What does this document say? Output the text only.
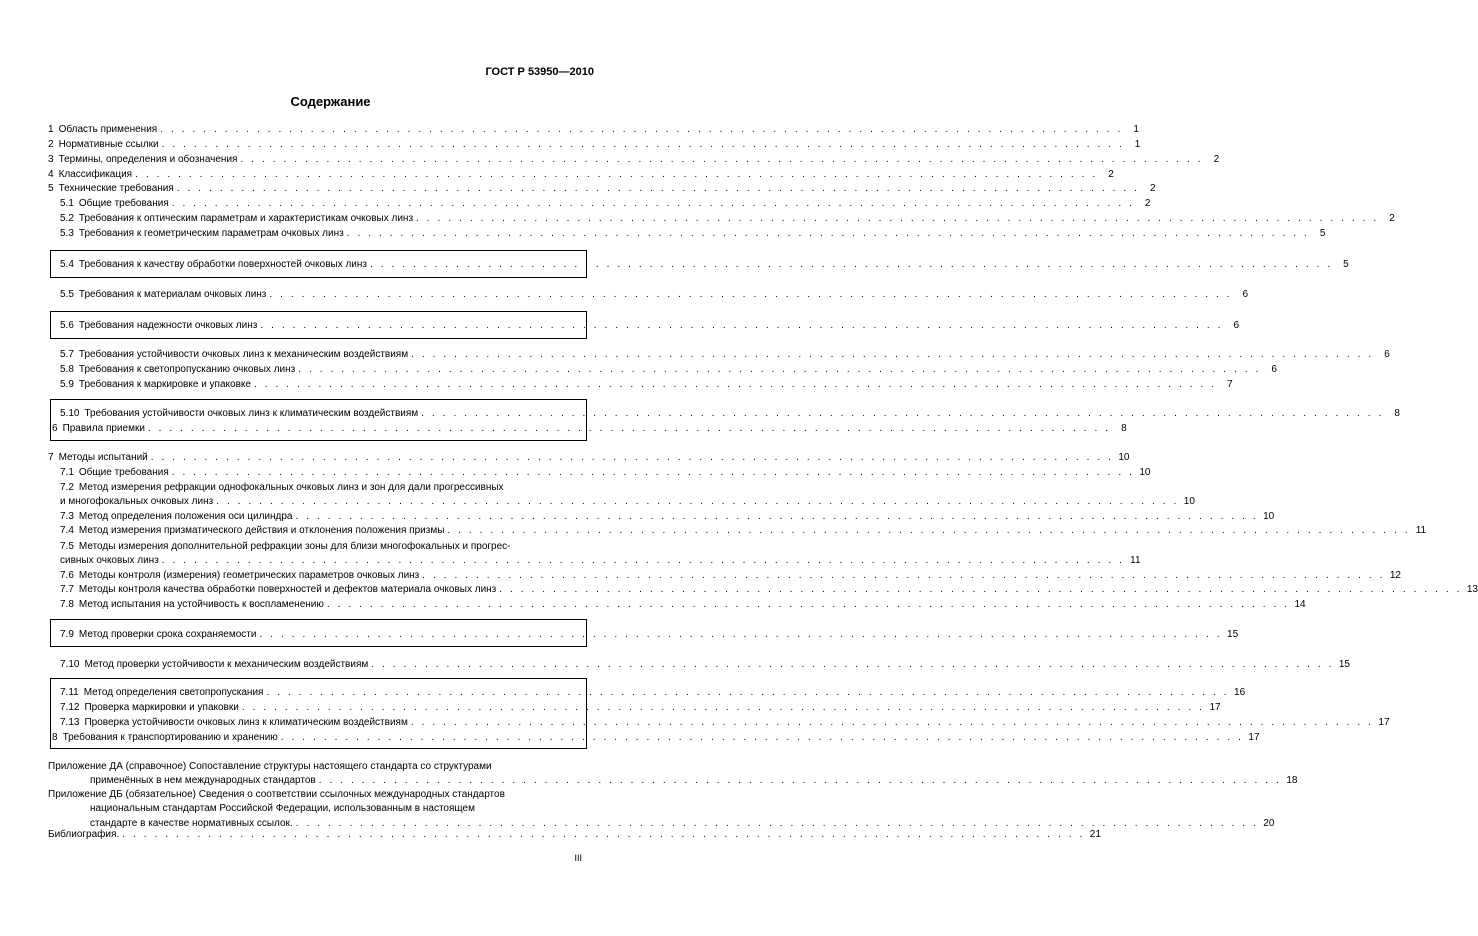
ГОСТ Р 53950—2010
Содержание
1 Область применения . . . . . . . . . . . . . . . . . . . . . . . . . . . . . . . . . . . . . . . . . . . . . . . . . . . . . . . . . . . . . . . . . . . . . . . . . . . . . . . . . . . . . . . . . .	1
2 Нормативные ссылки . . . . . . . . . . . . . . . . . . . . . . . . . . . . . . . . . . . . . . . . . . . . . . . . . . . . . . . . . . . . . . . . . . . . . . . . . . . . . . . . . . . . . . . . . .	1
3 Термины, определения и обозначения . . . . . . . . . . . . . . . . . . . . . . . . . . . . . . . . . . . . . . . . . . . . . . . . . . . . . . . . . . . . . . . . . . . . . . . . . . . . . . . . . . . . . . . . . .	2
4 Классификация . . . . . . . . . . . . . . . . . . . . . . . . . . . . . . . . . . . . . . . . . . . . . . . . . . . . . . . . . . . . . . . . . . . . . . . . . . . . . . . . . . . . . . . . . .	2
5 Технические требования . . . . . . . . . . . . . . . . . . . . . . . . . . . . . . . . . . . . . . . . . . . . . . . . . . . . . . . . . . . . . . . . . . . . . . . . . . . . . . . . . . . . . . . . . .	2
5.1 Общие требования . . . . . . . . . . . . . . . . . . . . . . . . . . . . . . . . . . . . . . . . . . . . . . . . . . . . . . . . . . . . . . . . . . . . . . . . . . . . . . . . . . . . . . . . . .	2
5.2 Требования к оптическим параметрам и характеристикам очковых линз . . . . . . . . . . . . . . . . . . . . . . . . . . . . . . . . . . . . . . . . . . . . . . . . . . . . . . . . . . . . . . . . . . . . . . . . . . . . . . . . . . . . . . . . . .	2
5.3 Требования к геометрическим параметрам очковых линз . . . . . . . . . . . . . . . . . . . . . . . . . . . . . . . . . . . . . . . . . . . . . . . . . . . . . . . . . . . . . . . . . . . . . . . . . . . . . . . . . . . . . . . . . .	5
5.4 Требования к качеству обработки поверхностей очковых линз . . . . . . . . . . . . . . . . . . . . . . . . . . . . . . . . . . . . . . . . . . . . . . . . . . . . . . . . . . . . . . . . . . . . . . . . . . . . . . . . . . . . . . . . . .	5
5.5 Требования к материалам очковых линз . . . . . . . . . . . . . . . . . . . . . . . . . . . . . . . . . . . . . . . . . . . . . . . . . . . . . . . . . . . . . . . . . . . . . . . . . . . . . . . . . . . . . . . . . .	6
5.6 Требования надежности очковых линз . . . . . . . . . . . . . . . . . . . . . . . . . . . . . . . . . . . . . . . . . . . . . . . . . . . . . . . . . . . . . . . . . . . . . . . . . . . . . . . . . . . . . . . . . .	6
5.7 Требования устойчивости очковых линз к механическим воздействиям . . . . . . . . . . . . . . . . . . . . . . . . . . . . . . . . . . . . . . . . . . . . . . . . . . . . . . . . . . . . . . . . . . . . . . . . . . . . . . . . . . . . . . . . . .	6
5.8 Требования к светопропусканию очковых линз . . . . . . . . . . . . . . . . . . . . . . . . . . . . . . . . . . . . . . . . . . . . . . . . . . . . . . . . . . . . . . . . . . . . . . . . . . . . . . . . . . . . . . . . . .	6
5.9 Требования к маркировке и упаковке . . . . . . . . . . . . . . . . . . . . . . . . . . . . . . . . . . . . . . . . . . . . . . . . . . . . . . . . . . . . . . . . . . . . . . . . . . . . . . . . . . . . . . . . . .	7
5.10 Требования устойчивости очковых линз к климатическим воздействиям . . . . . . . . . . . . . . . . . . . . . . . . . . . . . . . . . . . . . . . . . . . . . . . . . . . . . . . . . . . . . . . . . . . . . . . . . . . . . . . . . . . . . . . . . .	8
6 Правила приемки . . . . . . . . . . . . . . . . . . . . . . . . . . . . . . . . . . . . . . . . . . . . . . . . . . . . . . . . . . . . . . . . . . . . . . . . . . . . . . . . . . . . . . . . . .	8
7 Методы испытаний . . . . . . . . . . . . . . . . . . . . . . . . . . . . . . . . . . . . . . . . . . . . . . . . . . . . . . . . . . . . . . . . . . . . . . . . . . . . . . . . . . . . . . . . . . 10
7.1 Общие требования . . . . . . . . . . . . . . . . . . . . . . . . . . . . . . . . . . . . . . . . . . . . . . . . . . . . . . . . . . . . . . . . . . . . . . . . . . . . . . . . . . . . . . . . . . 10
7.2 Метод измерения рефракции однофокальных очковых линз и зон для дали прогрессивных
и многофокальных очковых линз . . . . . . . . . . . . . . . . . . . . . . . . . . . . . . . . . . . . . . . . . . . . . . . . . . . . . . . . . . . . . . . . . . . . . . . . . . . . . . . . . . . . . . . . . . 10
7.3 Метод определения положения оси цилиндра . . . . . . . . . . . . . . . . . . . . . . . . . . . . . . . . . . . . . . . . . . . . . . . . . . . . . . . . . . . . . . . . . . . . . . . . . . . . . . . . . . . . . . . . . . 10
7.4 Метод измерения призматического действия и отклонения положения призмы . . . . . . . . . . . . . . . . . . . . . . . . . . . . . . . . . . . . . . . . . . . . . . . . . . . . . . . . . . . . . . . . . . . . . . . . . . . . . . . . . . . . . . . . . . 11
7.5 Методы измерения дополнительной рефракции зоны для близи многофокальных и прогрес-
сивных очковых линз . . . . . . . . . . . . . . . . . . . . . . . . . . . . . . . . . . . . . . . . . . . . . . . . . . . . . . . . . . . . . . . . . . . . . . . . . . . . . . . . . . . . . . . . . . 11
7.6 Методы контроля (измерения) геометрических параметров очковых линз . . . . . . . . . . . . . . . . . . . . . . . . . . . . . . . . . . . . . . . . . . . . . . . . . . . . . . . . . . . . . . . . . . . . . . . . . . . . . . . . . . . . . . . . . . 12
7.7 Методы контроля качества обработки поверхностей и дефектов материала очковых линз . . . . . . . . . . . . . . . . . . . . . . . . . . . . . . . . . . . . . . . . . . . . . . . . . . . . . . . . . . . . . . . . . . . . . . . . . . . . . . . . . . . . . . . . . . 13
7.8 Метод испытания на устойчивость к воспламенению . . . . . . . . . . . . . . . . . . . . . . . . . . . . . . . . . . . . . . . . . . . . . . . . . . . . . . . . . . . . . . . . . . . . . . . . . . . . . . . . . . . . . . . . . . 14
7.9 Метод проверки срока сохраняемости . . . . . . . . . . . . . . . . . . . . . . . . . . . . . . . . . . . . . . . . . . . . . . . . . . . . . . . . . . . . . . . . . . . . . . . . . . . . . . . . . . . . . . . . . . 15
7.10 Метод проверки устойчивости к механическим воздействиям . . . . . . . . . . . . . . . . . . . . . . . . . . . . . . . . . . . . . . . . . . . . . . . . . . . . . . . . . . . . . . . . . . . . . . . . . . . . . . . . . . . . . . . . . . 15
7.11 Метод определения светопропускания . . . . . . . . . . . . . . . . . . . . . . . . . . . . . . . . . . . . . . . . . . . . . . . . . . . . . . . . . . . . . . . . . . . . . . . . . . . . . . . . . . . . . . . . . . 16
7.12 Проверка маркировки и упаковки . . . . . . . . . . . . . . . . . . . . . . . . . . . . . . . . . . . . . . . . . . . . . . . . . . . . . . . . . . . . . . . . . . . . . . . . . . . . . . . . . . . . . . . . . . 17
7.13 Проверка устойчивости очковых линз к климатическим воздействиям . . . . . . . . . . . . . . . . . . . . . . . . . . . . . . . . . . . . . . . . . . . . . . . . . . . . . . . . . . . . . . . . . . . . . . . . . . . . . . . . . . . . . . . . . . 17
8 Требования к транспортированию и хранению . . . . . . . . . . . . . . . . . . . . . . . . . . . . . . . . . . . . . . . . . . . . . . . . . . . . . . . . . . . . . . . . . . . . . . . . . . . . . . . . . . . . . . . . . . 17
Приложение ДА (справочное) Сопоставление структуры настоящего стандарта со структурами
применённых в нем международных стандартов . . . . . . . . . . . . . . . . . . . . . . . . . . . . . . . . . . . . . . . . . . . . . . . . . . . . . . . . . . . . . . . . . . . . . . . . . . . . . . . . . . . . . . . . . . 18
Приложение ДБ (обязательное) Сведения о соответствии ссылочных международных стандартов
национальным стандартам Российской Федерации, использованным в настоящем
стандарте в качестве нормативных ссылок. . . . . . . . . . . . . . . . . . . . . . . . . . . . . . . . . . . . . . . . . . . . . . . . . . . . . . . . . . . . . . . . . . . . . . . . . . . . . . . . . . . . . . . . . . . 20
Библиография. . . . . . . . . . . . . . . . . . . . . . . . . . . . . . . . . . . . . . . . . . . . . . . . . . . . . . . . . . . . . . . . . . . . . . . . . . . . . . . . . . . . . . . . . . . 21
III
